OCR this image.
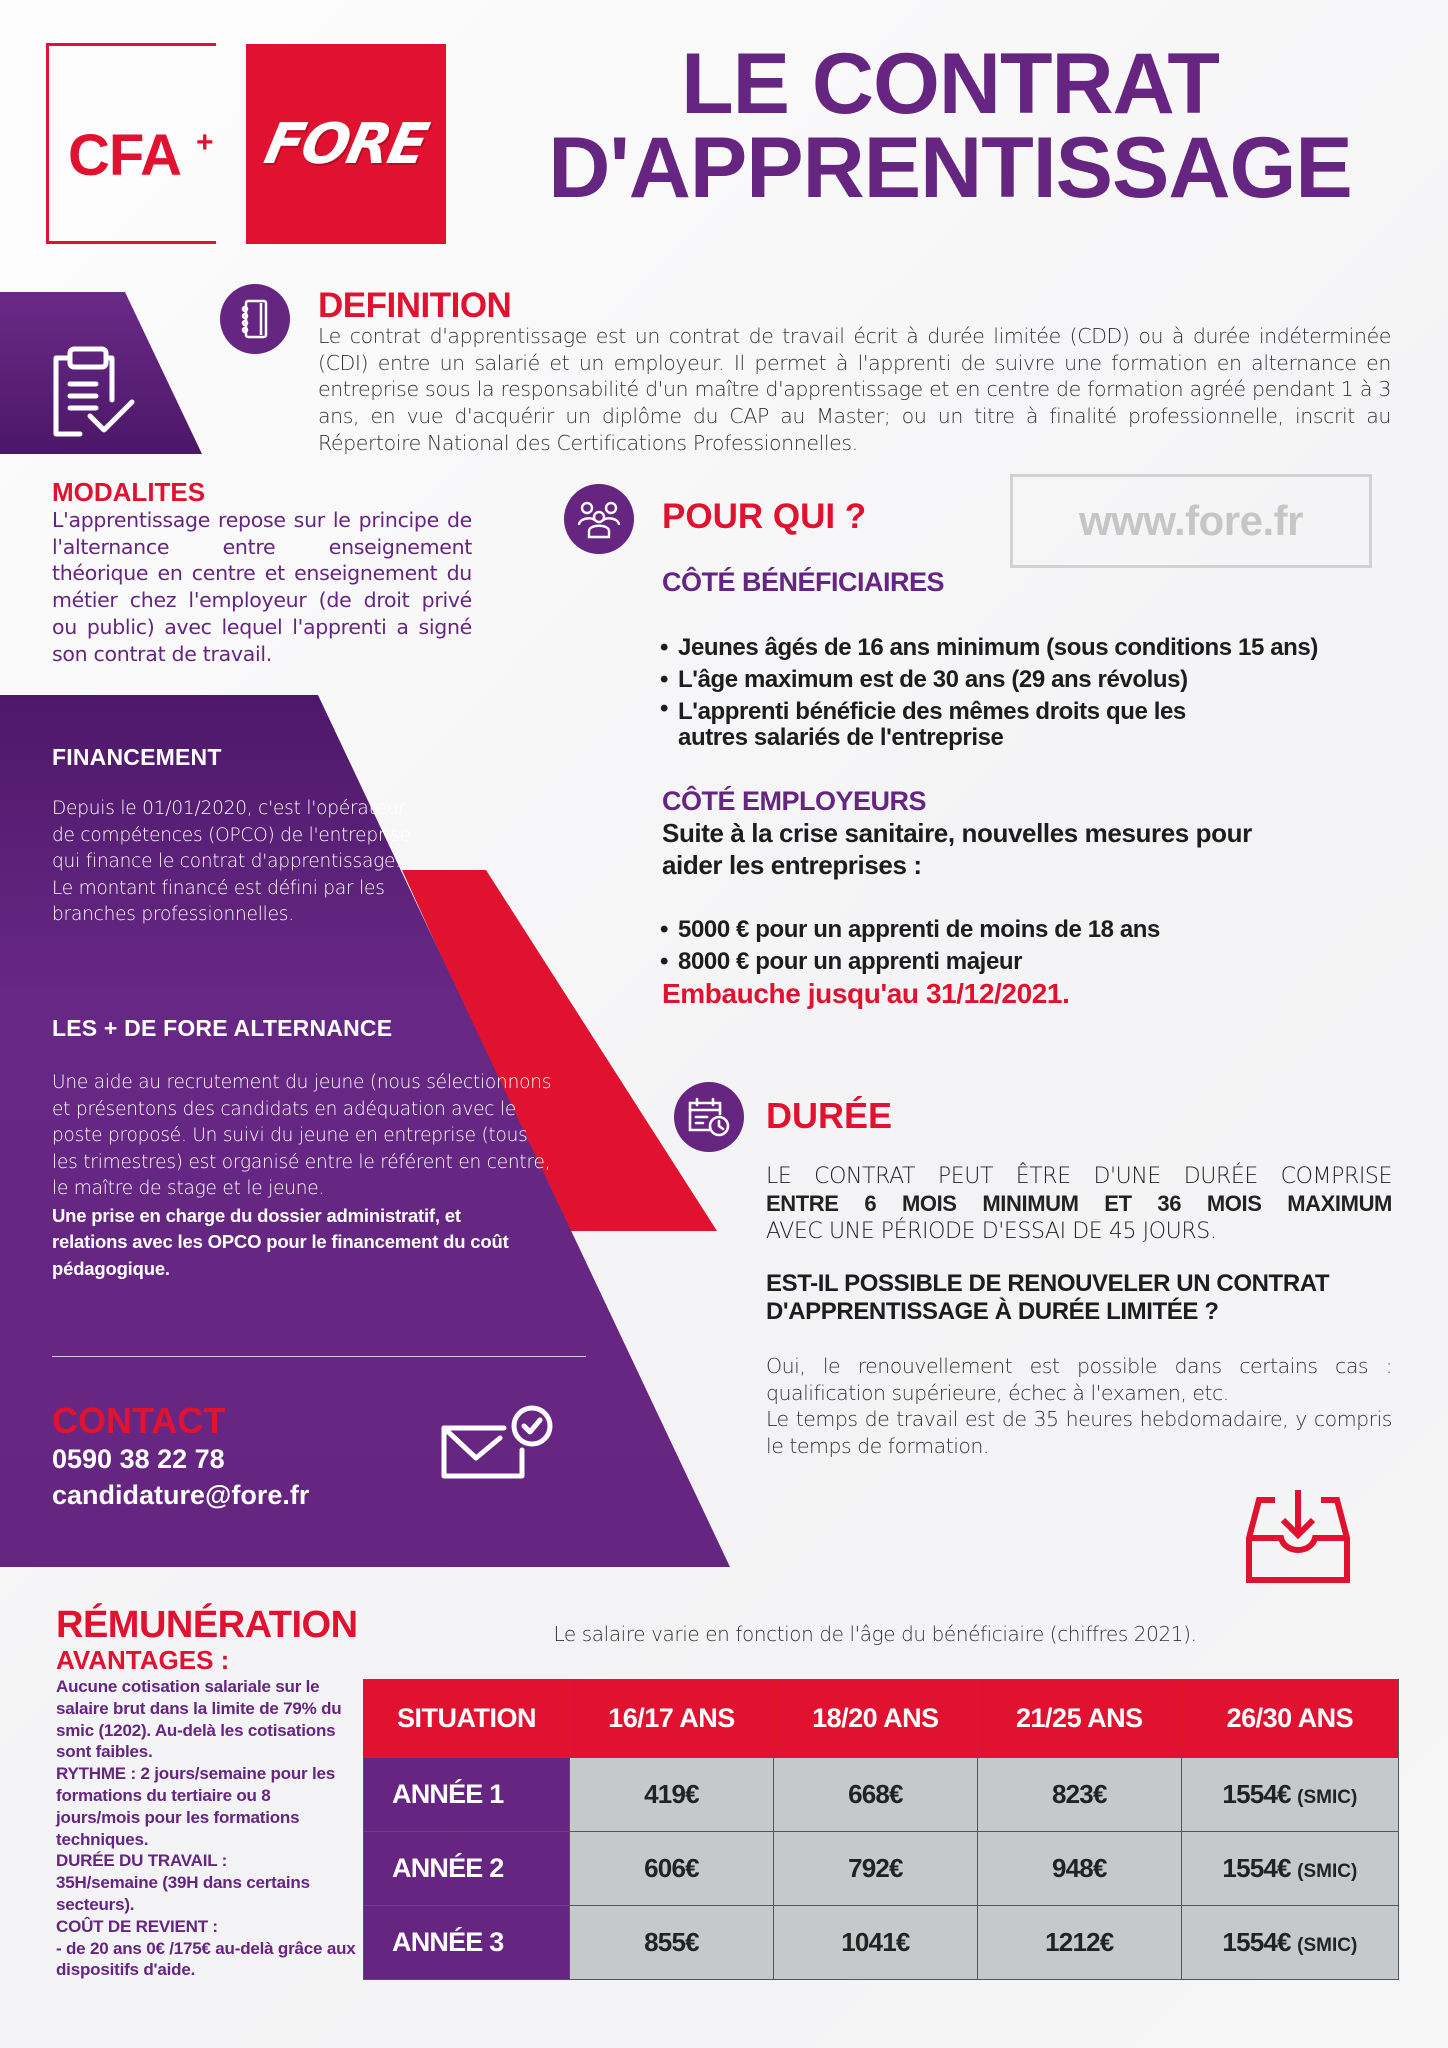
CFA + FORE
LE CONTRAT
D'APPRENTISSAGE
DEFINITION
Le contrat d'apprentissage est un contrat de travail écrit à durée limitée (CDD) ou à durée indéterminée (CDI) entre un salarié et un employeur. Il permet à l'apprenti de suivre une formation en alternance en entreprise sous la responsabilité d'un maître d'apprentissage et en centre de formation agréé pendant 1 à 3 ans, en vue d'acquérir un diplôme du CAP au Master; ou un titre à finalité professionnelle, inscrit au Répertoire National des Certifications Professionnelles.
MODALITES
L'apprentissage repose sur le principe de l'alternance entre enseignement théorique en centre et enseignement du métier chez l'employeur (de droit privé ou public) avec lequel l'apprenti a signé son contrat de travail.
FINANCEMENT
Depuis le 01/01/2020, c'est l'opérateur de compétences (OPCO) de l'entreprise qui finance le contrat d'apprentissage. Le montant financé est défini par les branches professionnelles.
LES + DE FORE ALTERNANCE
Une aide au recrutement du jeune (nous sélectionnons et présentons des candidats en adéquation avec le poste proposé. Un suivi du jeune en entreprise (tous les trimestres) est organisé entre le référent en centre, le maître de stage et le jeune.
Une prise en charge du dossier administratif, et relations avec les OPCO pour le financement du coût pédagogique.
CONTACT
0590 38 22 78
candidature@fore.fr
www.fore.fr
POUR QUI ?
CÔTÉ BÉNÉFICIAIRES
• Jeunes âgés de 16 ans minimum (sous conditions 15 ans)
• L'âge maximum est de 30 ans (29 ans révolus)
• L'apprenti bénéficie des mêmes droits que les autres salariés de l'entreprise
CÔTÉ EMPLOYEURS
Suite à la crise sanitaire, nouvelles mesures pour aider les entreprises :
• 5000 € pour un apprenti de moins de 18 ans
• 8000 € pour un apprenti majeur
Embauche jusqu'au 31/12/2021.
DURÉE
LE CONTRAT PEUT ÊTRE D'UNE DURÉE COMPRISE
ENTRE 6 MOIS MINIMUM ET 36 MOIS MAXIMUM
AVEC UNE PÉRIODE D'ESSAI DE 45 JOURS.
EST-IL POSSIBLE DE RENOUVELER UN CONTRAT D'APPRENTISSAGE À DURÉE LIMITÉE ?
Oui, le renouvellement est possible dans certains cas : qualification supérieure, échec à l'examen, etc.
Le temps de travail est de 35 heures hebdomadaire, y compris le temps de formation.
RÉMUNÉRATION
AVANTAGES :
Aucune cotisation salariale sur le salaire brut dans la limite de 79% du smic (1202). Au-delà les cotisations sont faibles.
RYTHME : 2 jours/semaine pour les formations du tertiaire ou 8 jours/mois pour les formations techniques.
DURÉE DU TRAVAIL :
35H/semaine (39H dans certains secteurs).
COÛT DE REVIENT :
- de 20 ans 0€ /175€ au-delà grâce aux dispositifs d'aide.
Le salaire varie en fonction de l'âge du bénéficiaire (chiffres 2021).
SITUATION	16/17 ANS	18/20 ANS	21/25 ANS	26/30 ANS
ANNÉE 1	419€	668€	823€	1554€ (SMIC)
ANNÉE 2	606€	792€	948€	1554€ (SMIC)
ANNÉE 3	855€	1041€	1212€	1554€ (SMIC)
